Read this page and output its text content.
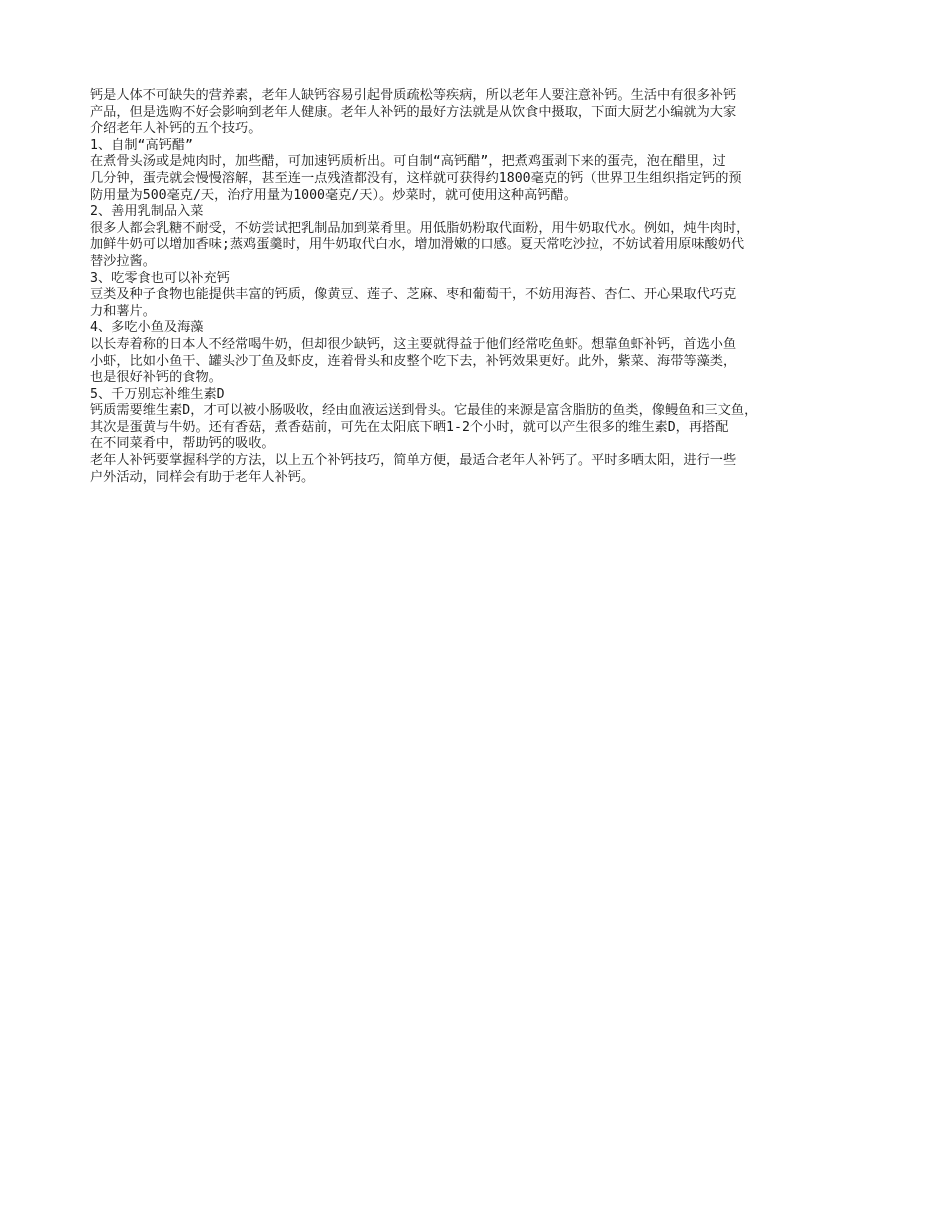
钙是人体不可缺失的营养素，老年人缺钙容易引起骨质疏松等疾病，所以老年人要注意补钙。生活中有很多补钙
产品，但是选购不好会影响到老年人健康。老年人补钙的最好方法就是从饮食中摄取，下面大厨艺小编就为大家
介绍老年人补钙的五个技巧。
1、自制“高钙醋”
在煮骨头汤或是炖肉时，加些醋，可加速钙质析出。可自制“高钙醋”，把煮鸡蛋剥下来的蛋壳，泡在醋里，过
几分钟，蛋壳就会慢慢溶解，甚至连一点残渣都没有，这样就可获得约1800毫克的钙（世界卫生组织指定钙的预
防用量为500毫克/天，治疗用量为1000毫克/天）。炒菜时，就可使用这种高钙醋。
2、善用乳制品入菜
很多人都会乳糖不耐受，不妨尝试把乳制品加到菜肴里。用低脂奶粉取代面粉，用牛奶取代水。例如，炖牛肉时，
加鲜牛奶可以增加香味;蒸鸡蛋羹时，用牛奶取代白水，增加滑嫩的口感。夏天常吃沙拉，不妨试着用原味酸奶代
替沙拉酱。
3、吃零食也可以补充钙
豆类及种子食物也能提供丰富的钙质，像黄豆、莲子、芝麻、枣和葡萄干，不妨用海苔、杏仁、开心果取代巧克
力和薯片。
4、多吃小鱼及海藻
以长寿着称的日本人不经常喝牛奶，但却很少缺钙，这主要就得益于他们经常吃鱼虾。想靠鱼虾补钙，首选小鱼
小虾，比如小鱼干、罐头沙丁鱼及虾皮，连着骨头和皮整个吃下去，补钙效果更好。此外，紫菜、海带等藻类，
也是很好补钙的食物。
5、千万别忘补维生素D
钙质需要维生素D，才可以被小肠吸收，经由血液运送到骨头。它最佳的来源是富含脂肪的鱼类，像鳗鱼和三文鱼，
其次是蛋黄与牛奶。还有香菇，煮香菇前，可先在太阳底下晒1-2个小时，就可以产生很多的维生素D，再搭配
在不同菜肴中，帮助钙的吸收。
老年人补钙要掌握科学的方法，以上五个补钙技巧，简单方便，最适合老年人补钙了。平时多晒太阳，进行一些
户外活动，同样会有助于老年人补钙。
